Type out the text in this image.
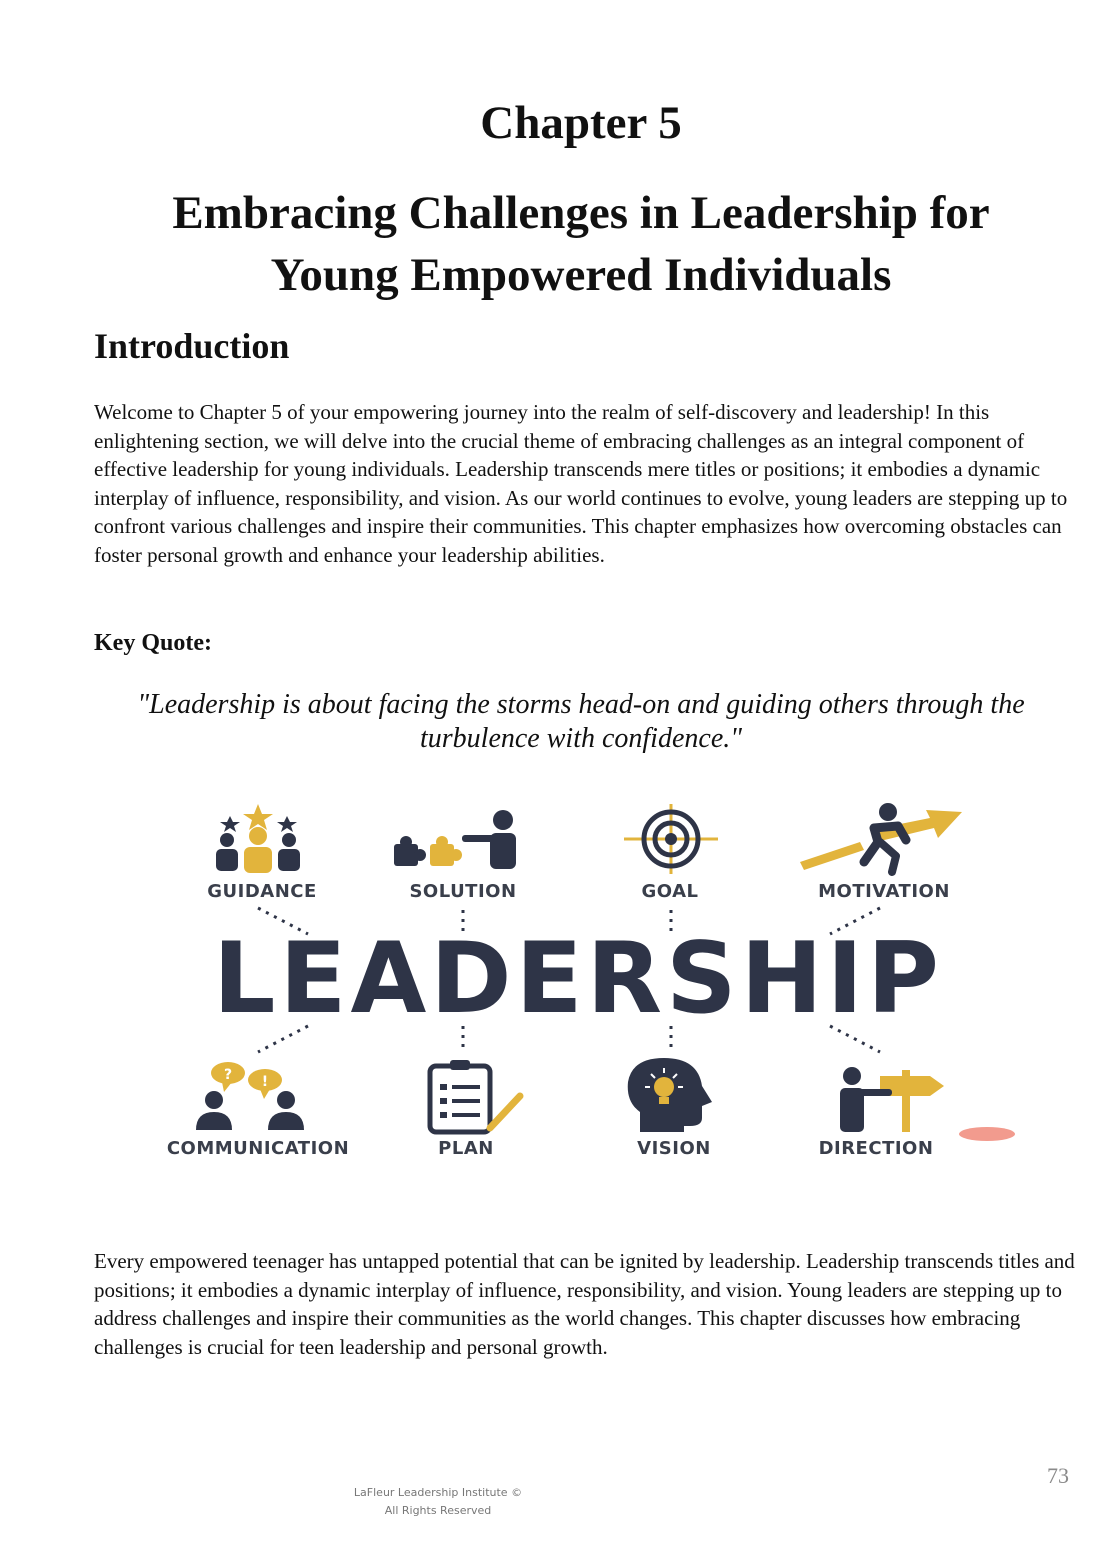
Chapter 5
Embracing Challenges in Leadership for
Young Empowered Individuals
Introduction

Welcome to Chapter 5 of your empowering journey into the realm of self-discovery and leadership! In this enlightening section, we will delve into the crucial theme of embracing challenges as an integral component of effective leadership for young individuals. Leadership transcends mere titles or positions; it embodies a dynamic interplay of influence, responsibility, and vision. As our world continues to evolve, young leaders are stepping up to confront various challenges and inspire their communities. This chapter emphasizes how overcoming obstacles can foster personal growth and enhance your leadership abilities.

Key Quote:

"Leadership is about facing the storms head-on and guiding others through the turbulence with confidence."

GUIDANCE	SOLUTION	GOAL	MOTIVATION
LEADERSHIP
? !
COMMUNICATION	PLAN	VISION	DIRECTION

Every empowered teenager has untapped potential that can be ignited by leadership. Leadership transcends titles and positions; it embodies a dynamic interplay of influence, responsibility, and vision. Young leaders are stepping up to address challenges and inspire their communities as the world changes. This chapter discusses how embracing challenges is crucial for teen leadership and personal growth.

73
LaFleur Leadership Institute ©
All Rights Reserved
